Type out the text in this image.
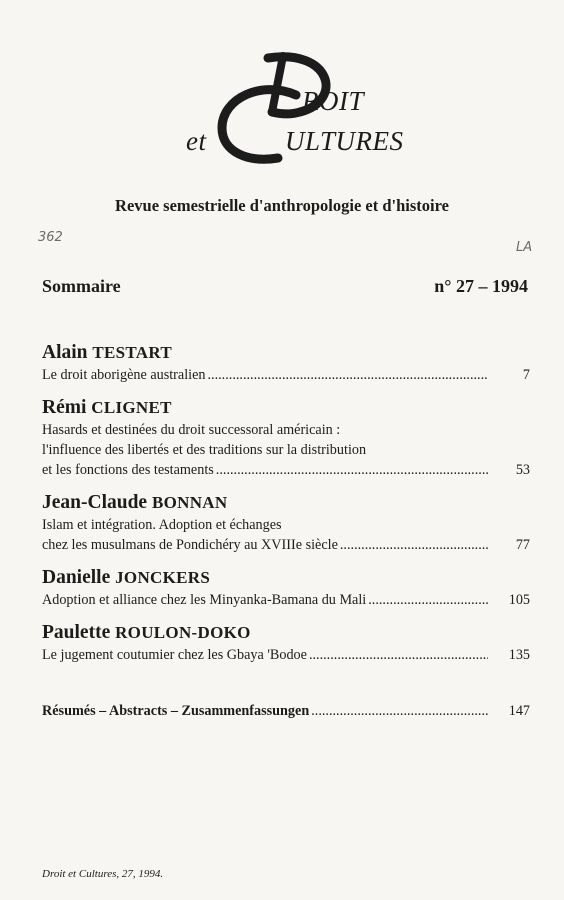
ROIT
et	ULTURES
Revue semestrielle d'anthropologie et d'histoire
362
LA
Sommaire	n° 27 – 1994
Alain TESTART
Le droit aborigène australien .....	7
Rémi CLIGNET
Hasards et destinées du droit successoral américain :
l'influence des libertés et des traditions sur la distribution
et les fonctions des testaments .....	53
Jean-Claude BONNAN
Islam et intégration. Adoption et échanges
chez les musulmans de Pondichéry au XVIIIe siècle .....	77
Danielle JONCKERS
Adoption et alliance chez les Minyanka-Bamana du Mali .....	105
Paulette ROULON-DOKO
Le jugement coutumier chez les Gbaya 'Bodoe .....	135
Résumés – Abstracts – Zusammenfassungen .....	147
Droit et Cultures, 27, 1994.
